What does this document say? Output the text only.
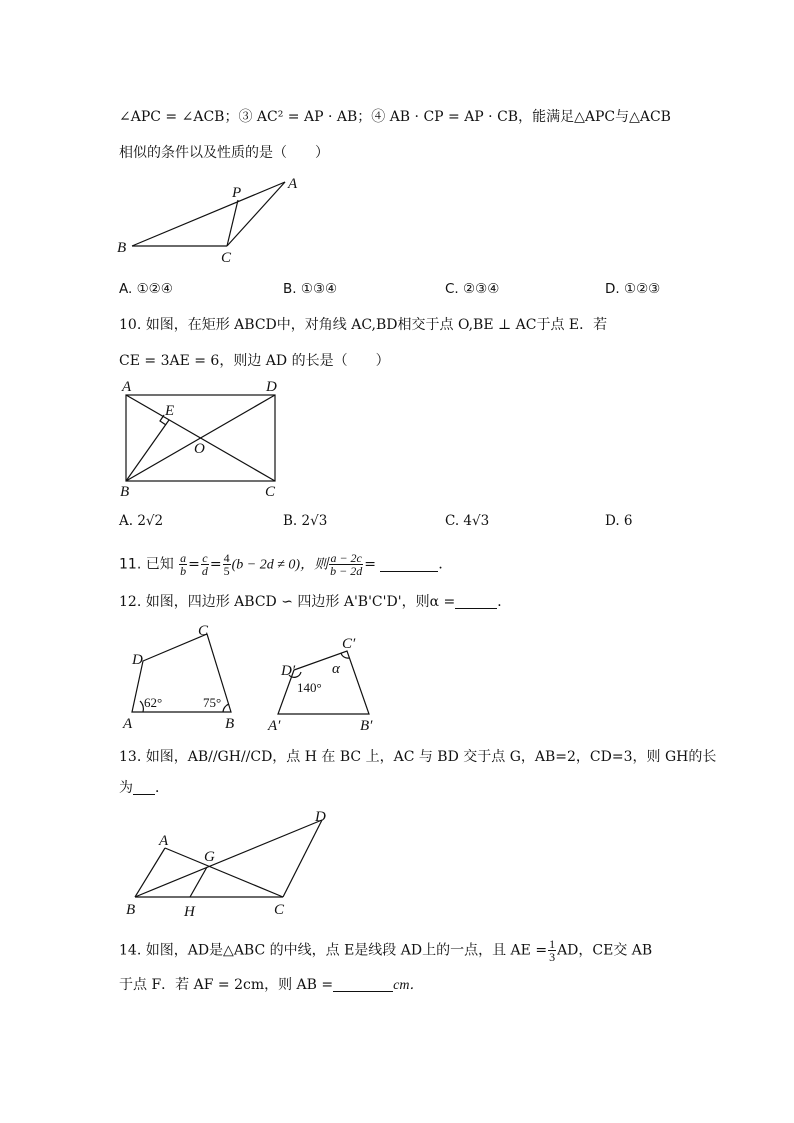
∠APC = ∠ACB；③ AC² = AP · AB；④ AB · CP = AP · CB，能满足△APC与△ACB
相似的条件以及性质的是（　　）
B
C
P
A
A. ①②④	B. ①③④	C. ②③④	D. ①②③
10. 如图，在矩形 ABCD中，对角线 AC,BD相交于点 O,BE ⊥ AC于点 E．若
CE = 3AE = 6，则边 AD 的长是（　　）
A	D
B	C
E
O
A. 2√2	B. 2√3	C. 4√3	D. 6
11. 已知 $\frac{a}{b} = \frac{c}{d} = \frac{4}{5} (b - 2d \ne 0)$，则 $\frac{a - 2c}{b - 2d}$ =	．
12. 如图，四边形 ABCD ∽ 四边形 A'B'C'D'，则α =	．
A	B
C
D
62°	75°
A′	B′
C′
D′
140°
α
13. 如图，AB//GH//CD，点 H 在 BC 上，AC 与 BD 交于点 G，AB=2，CD=3，则 GH的长
为 ．
A
B	C
D
G
H
14. 如图，AD是△ABC 的中线，点 E是线段 AD上的一点，且 AE = $\frac{1}{3}$ AD，CE交 AB
于点 F．若 AF = 2cm，则 AB =	cm．
